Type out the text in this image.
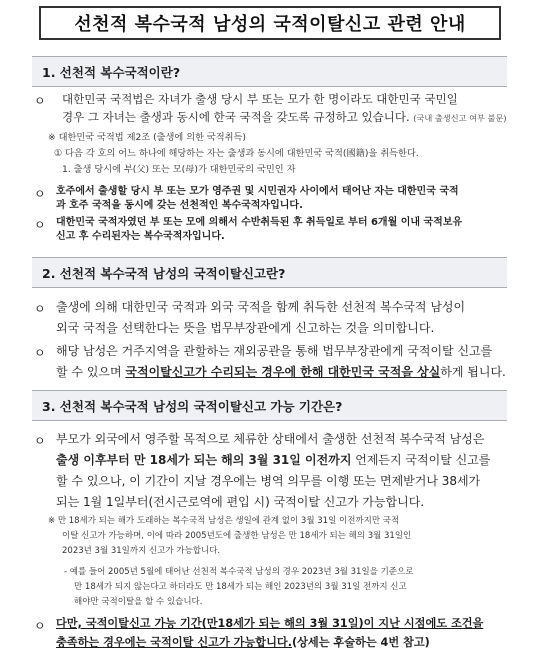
선천적 복수국적 남성의 국적이탈신고 관련 안내
1. 선천적 복수국적이란?
ㅇ 대한민국 국적법은 자녀가 출생 당시 부 또는 모가 한 명이라도 대한민국 국민일
경우 그 자녀는 출생과 동시에 한국 국적을 갖도록 규정하고 있습니다. (국내 출생신고 여부 불문)
※ 대한민국 국적법 제2조 (출생에 의한 국적취득)
① 다음 각 호의 어느 하나에 해당하는 자는 출생과 동시에 대한민국 국적(國籍)을 취득한다.
1. 출생 당시에 부(父) 또는 모(母)가 대한민국의 국민인 자
ㅇ 호주에서 출생할 당시 부 또는 모가 영주권 및 시민권자 사이에서 태어난 자는 대한민국 국적
과 호주 국적을 동시에 갖는 선천적인 복수국적자입니다.
ㅇ 대한민국 국적자였던 부 또는 모에 의해서 수반취득된 후 취득일로 부터 6개월 이내 국적보유
신고 후 수리된자는 복수국적자입니다.
2. 선천적 복수국적 남성의 국적이탈신고란?
ㅇ 출생에 의해 대한민국 국적과 외국 국적을 함께 취득한 선천적 복수국적 남성이
외국 국적을 선택한다는 뜻을 법무부장관에게 신고하는 것을 의미합니다.
ㅇ 해당 남성은 거주지역을 관할하는 재외공관을 통해 법무부장관에게 국적이탈 신고를
할 수 있으며 국적이탈신고가 수리되는 경우에 한해 대한민국 국적을 상실하게 됩니다.
3. 선천적 복수국적 남성의 국적이탈신고 가능 기간은?
ㅇ 부모가 외국에서 영주할 목적으로 체류한 상태에서 출생한 선천적 복수국적 남성은
출생 이후부터 만 18세가 되는 해의 3월 31일 이전까지 언제든지 국적이탈 신고를
할 수 있으나, 이 기간이 지날 경우에는 병역 의무를 이행 또는 면제받거나 38세가
되는 1월 1일부터(전시근로역에 편입 시) 국적이탈 신고가 가능합니다.
※ 만 18세가 되는 해가 도래하는 복수국적 남성은 생일에 관계 없이 3월 31일 이전까지만 국적
이탈 신고가 가능하며, 이에 따라 2005년도에 출생한 남성은 만 18세가 되는 해의 3월 31일인
2023년 3월 31일까지 신고가 가능합니다.
- 예를 들어 2005년 5월에 태어난 선천적 복수국적 남성의 경우 2023년 3월 31일을 기준으로
만 18세가 되지 않는다고 하더라도 만 18세가 되는 해인 2023년의 3월 31일 전까지 신고
해야만 국적이탈을 할 수 있습니다.
ㅇ 다만, 국적이탈신고 가능 기간(만18세가 되는 해의 3월 31일)이 지난 시점에도 조건을
충족하는 경우에는 국적이탈 신고가 가능합니다.(상세는 후술하는 4번 참고)
